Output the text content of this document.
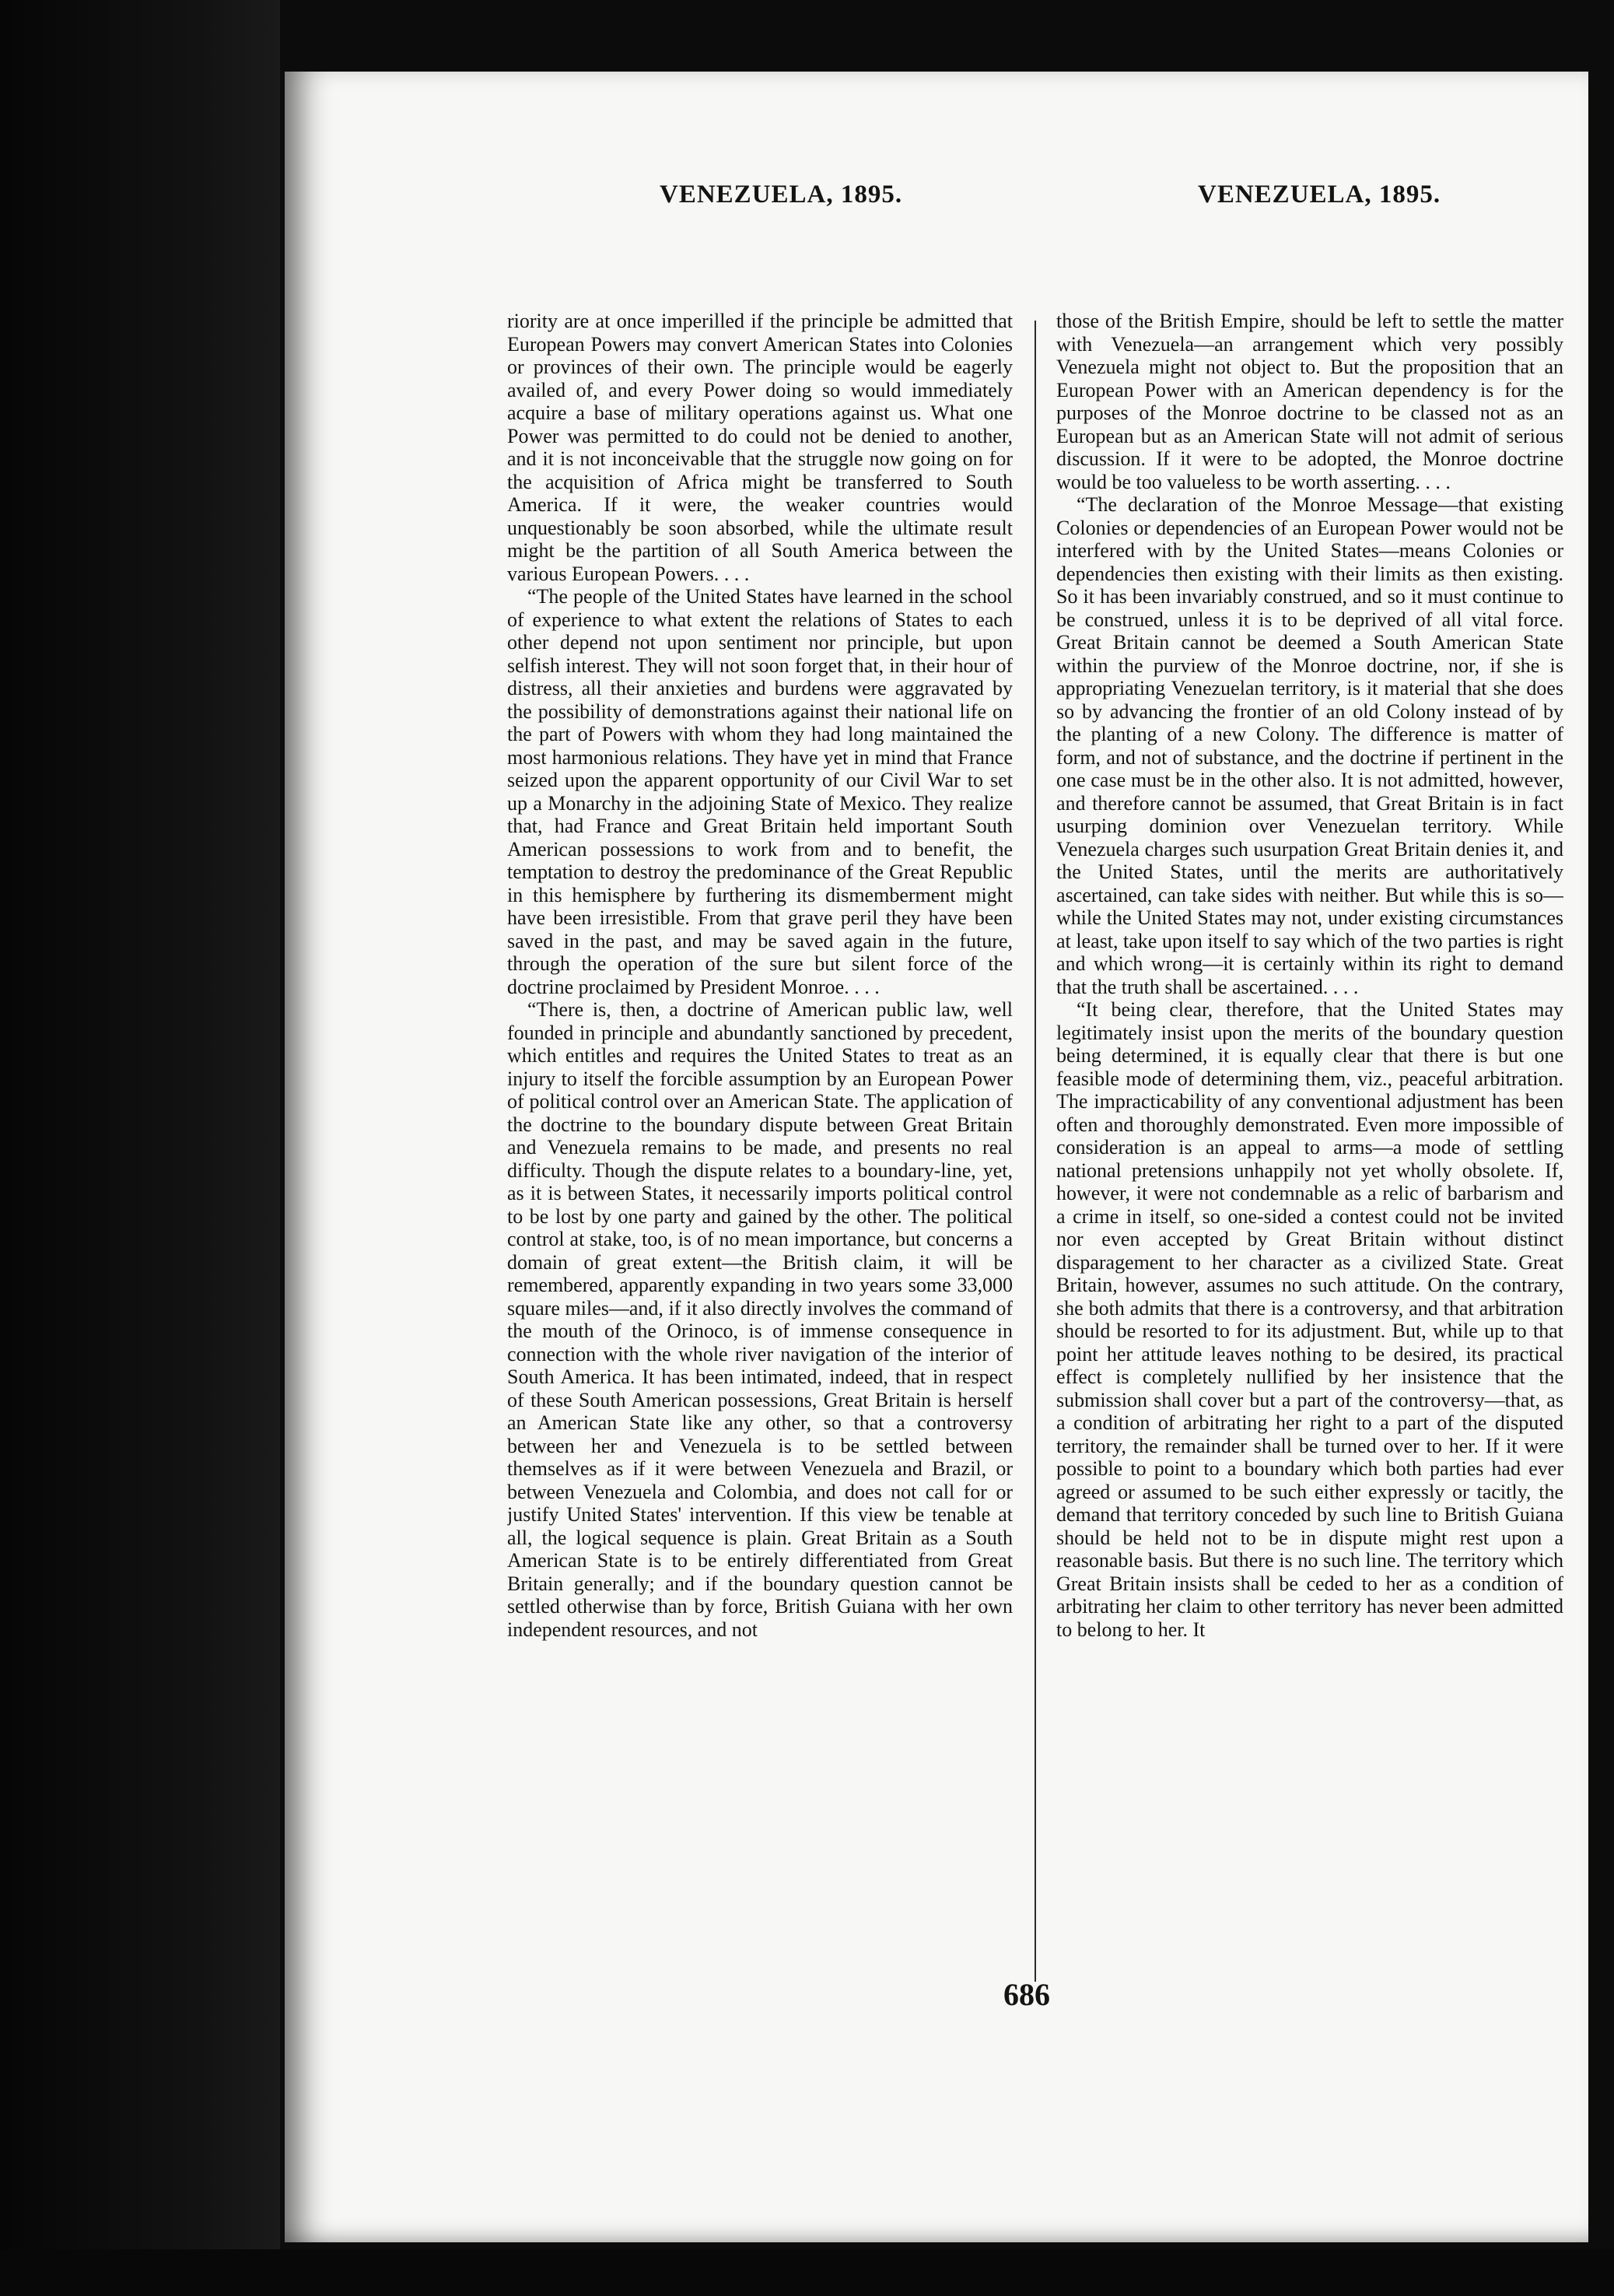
VENEZUELA, 1895.	VENEZUELA, 1895.

riority are at once imperilled if the principle be admitted that European Powers may convert American States into Colonies or provinces of their own. The principle would be eagerly availed of, and every Power doing so would immediately acquire a base of military operations against us. What one Power was permitted to do could not be denied to another, and it is not inconceivable that the struggle now going on for the acquisition of Africa might be transferred to South America. If it were, the weaker countries would unquestionably be soon absorbed, while the ultimate result might be the partition of all South America between the various European Powers. . . .

“The people of the United States have learned in the school of experience to what extent the relations of States to each other depend not upon sentiment nor principle, but upon selfish interest. They will not soon forget that, in their hour of distress, all their anxieties and burdens were aggravated by the possibility of demonstrations against their national life on the part of Powers with whom they had long maintained the most harmonious relations. They have yet in mind that France seized upon the apparent opportunity of our Civil War to set up a Monarchy in the adjoining State of Mexico. They realize that, had France and Great Britain held important South American possessions to work from and to benefit, the temptation to destroy the predominance of the Great Republic in this hemisphere by furthering its dismemberment might have been irresistible. From that grave peril they have been saved in the past, and may be saved again in the future, through the operation of the sure but silent force of the doctrine proclaimed by President Monroe. . . .

“There is, then, a doctrine of American public law, well founded in principle and abundantly sanctioned by precedent, which entitles and requires the United States to treat as an injury to itself the forcible assumption by an European Power of political control over an American State. The application of the doctrine to the boundary dispute between Great Britain and Venezuela remains to be made, and presents no real difficulty. Though the dispute relates to a boundary-line, yet, as it is between States, it necessarily imports political control to be lost by one party and gained by the other. The political control at stake, too, is of no mean importance, but concerns a domain of great extent—the British claim, it will be remembered, apparently expanding in two years some 33,000 square miles—and, if it also directly involves the command of the mouth of the Orinoco, is of immense consequence in connection with the whole river navigation of the interior of South America. It has been intimated, indeed, that in respect of these South American possessions, Great Britain is herself an American State like any other, so that a controversy between her and Venezuela is to be settled between themselves as if it were between Venezuela and Brazil, or between Venezuela and Colombia, and does not call for or justify United States' intervention. If this view be tenable at all, the logical sequence is plain. Great Britain as a South American State is to be entirely differentiated from Great Britain generally; and if the boundary question cannot be settled otherwise than by force, British Guiana with her own independent resources, and not

those of the British Empire, should be left to settle the matter with Venezuela—an arrangement which very possibly Venezuela might not object to. But the proposition that an European Power with an American dependency is for the purposes of the Monroe doctrine to be classed not as an European but as an American State will not admit of serious discussion. If it were to be adopted, the Monroe doctrine would be too valueless to be worth asserting. . . .

“The declaration of the Monroe Message—that existing Colonies or dependencies of an European Power would not be interfered with by the United States—means Colonies or dependencies then existing with their limits as then existing. So it has been invariably construed, and so it must continue to be construed, unless it is to be deprived of all vital force. Great Britain cannot be deemed a South American State within the purview of the Monroe doctrine, nor, if she is appropriating Venezuelan territory, is it material that she does so by advancing the frontier of an old Colony instead of by the planting of a new Colony. The difference is matter of form, and not of substance, and the doctrine if pertinent in the one case must be in the other also. It is not admitted, however, and therefore cannot be assumed, that Great Britain is in fact usurping dominion over Venezuelan territory. While Venezuela charges such usurpation Great Britain denies it, and the United States, until the merits are authoritatively ascertained, can take sides with neither. But while this is so—while the United States may not, under existing circumstances at least, take upon itself to say which of the two parties is right and which wrong—it is certainly within its right to demand that the truth shall be ascertained. . . .

“It being clear, therefore, that the United States may legitimately insist upon the merits of the boundary question being determined, it is equally clear that there is but one feasible mode of determining them, viz., peaceful arbitration. The impracticability of any conventional adjustment has been often and thoroughly demonstrated. Even more impossible of consideration is an appeal to arms—a mode of settling national pretensions unhappily not yet wholly obsolete. If, however, it were not condemnable as a relic of barbarism and a crime in itself, so one-sided a contest could not be invited nor even accepted by Great Britain without distinct disparagement to her character as a civilized State. Great Britain, however, assumes no such attitude. On the contrary, she both admits that there is a controversy, and that arbitration should be resorted to for its adjustment. But, while up to that point her attitude leaves nothing to be desired, its practical effect is completely nullified by her insistence that the submission shall cover but a part of the controversy—that, as a condition of arbitrating her right to a part of the disputed territory, the remainder shall be turned over to her. If it were possible to point to a boundary which both parties had ever agreed or assumed to be such either expressly or tacitly, the demand that territory conceded by such line to British Guiana should be held not to be in dispute might rest upon a reasonable basis. But there is no such line. The territory which Great Britain insists shall be ceded to her as a condition of arbitrating her claim to other territory has never been admitted to belong to her. It

686
